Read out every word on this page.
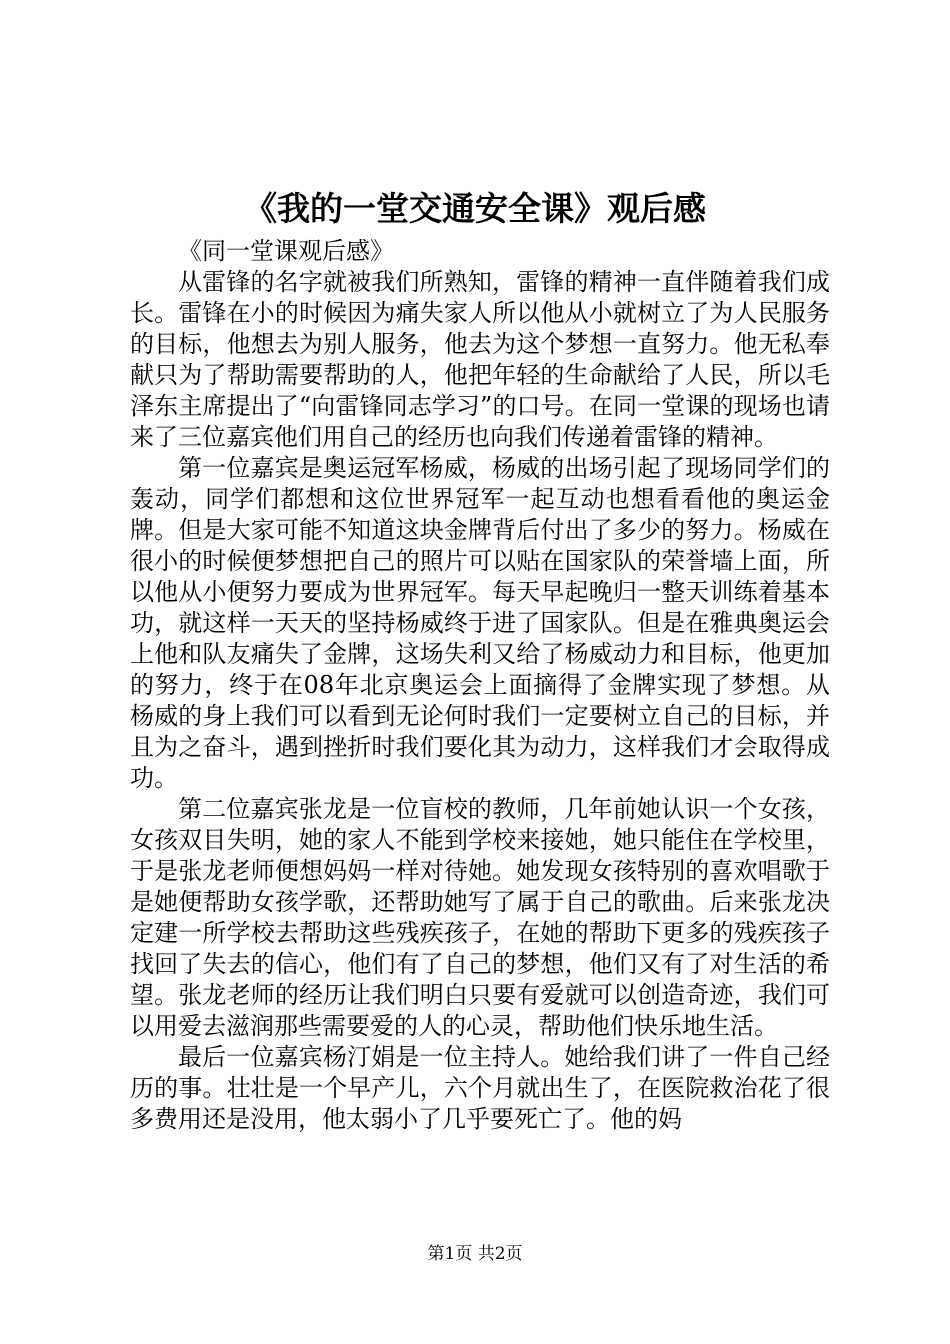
《我的一堂交通安全课》观后感

《同一堂课观后感》

从雷锋的名字就被我们所熟知，雷锋的精神一直伴随着我们成长。雷锋在小的时候因为痛失家人所以他从小就树立了为人民服务的目标，他想去为别人服务，他去为这个梦想一直努力。他无私奉献只为了帮助需要帮助的人，他把年轻的生命献给了人民，所以毛泽东主席提出了“向雷锋同志学习”的口号。在同一堂课的现场也请来了三位嘉宾他们用自己的经历也向我们传递着雷锋的精神。

第一位嘉宾是奥运冠军杨威，杨威的出场引起了现场同学们的轰动，同学们都想和这位世界冠军一起互动也想看看他的奥运金牌。但是大家可能不知道这块金牌背后付出了多少的努力。杨威在很小的时候便梦想把自己的照片可以贴在国家队的荣誉墙上面，所以他从小便努力要成为世界冠军。每天早起晚归一整天训练着基本功，就这样一天天的坚持杨威终于进了国家队。但是在雅典奥运会上他和队友痛失了金牌，这场失利又给了杨威动力和目标，他更加的努力，终于在08年北京奥运会上面摘得了金牌实现了梦想。从杨威的身上我们可以看到无论何时我们一定要树立自己的目标，并且为之奋斗，遇到挫折时我们要化其为动力，这样我们才会取得成功。

第二位嘉宾张龙是一位盲校的教师，几年前她认识一个女孩，女孩双目失明，她的家人不能到学校来接她，她只能住在学校里，于是张龙老师便想妈妈一样对待她。她发现女孩特别的喜欢唱歌于是她便帮助女孩学歌，还帮助她写了属于自己的歌曲。后来张龙决定建一所学校去帮助这些残疾孩子，在她的帮助下更多的残疾孩子找回了失去的信心，他们有了自己的梦想，他们又有了对生活的希望。张龙老师的经历让我们明白只要有爱就可以创造奇迹，我们可以用爱去滋润那些需要爱的人的心灵，帮助他们快乐地生活。

最后一位嘉宾杨汀娟是一位主持人。她给我们讲了一件自己经历的事。壮壮是一个早产儿，六个月就出生了，在医院救治花了很多费用还是没用，他太弱小了几乎要死亡了。他的妈

第1页 共2页
